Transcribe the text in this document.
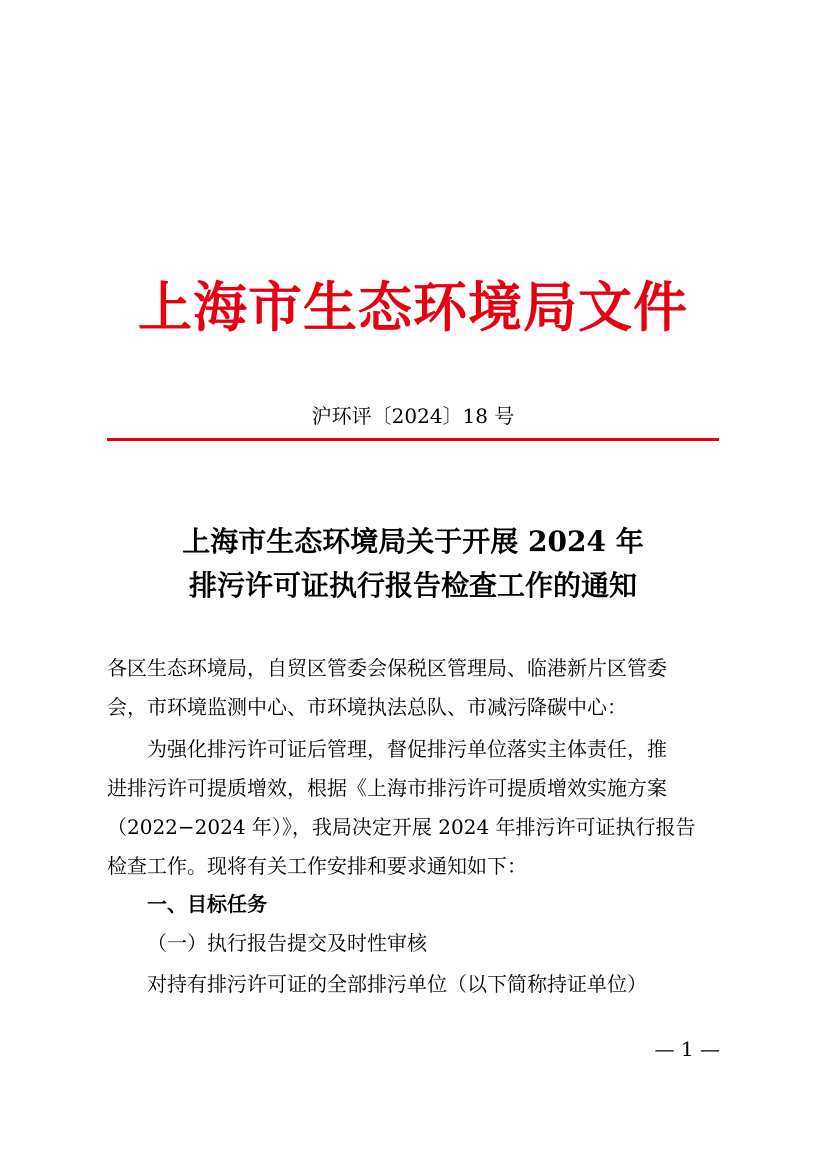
上海市生态环境局文件
沪环评〔2024〕18 号
上海市生态环境局关于开展 2024 年
排污许可证执行报告检查工作的通知
各区生态环境局，自贸区管委会保税区管理局、临港新片区管委
会，市环境监测中心、市环境执法总队、市减污降碳中心：
为强化排污许可证后管理，督促排污单位落实主体责任，推
进排污许可提质增效，根据《上海市排污许可提质增效实施方案
（2022−2024 年）》，我局决定开展 2024 年排污许可证执行报告
检查工作。现将有关工作安排和要求通知如下：
一、目标任务
（一）执行报告提交及时性审核
对持有排污许可证的全部排污单位（以下简称持证单位）
— 1 —
